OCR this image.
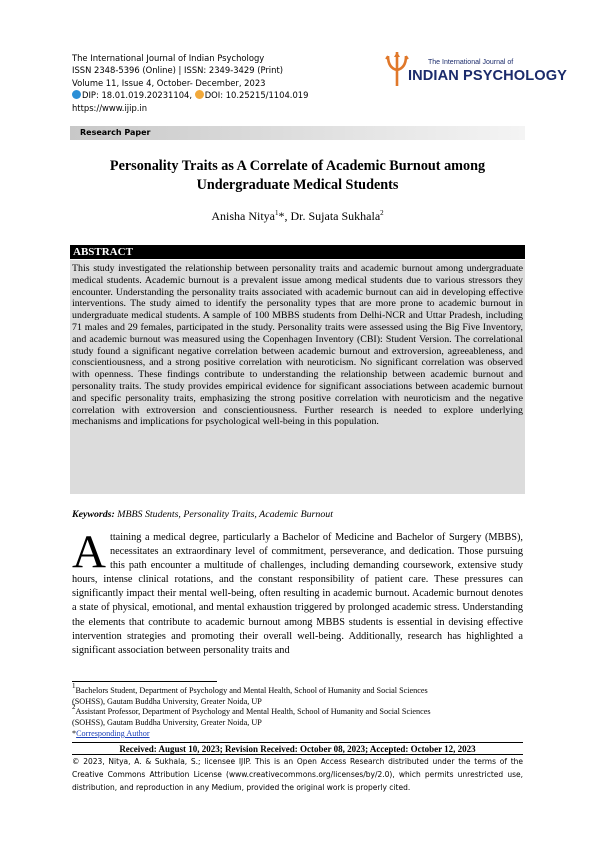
The International Journal of Indian Psychology
ISSN 2348-5396 (Online) | ISSN: 2349-3429 (Print)
Volume 11, Issue 4, October- December, 2023
DIP: 18.01.019.20231104, DOI: 10.25215/1104.019
https://www.ijip.in
The International Journal of
INDIAN PSYCHOLOGY
Research Paper
Personality Traits as A Correlate of Academic Burnout among
Undergraduate Medical Students
Anisha Nitya$^1$*, Dr. Sujata Sukhala$^2$
ABSTRACT

This study investigated the relationship between personality traits and academic burnout among undergraduate medical students. Academic burnout is a prevalent issue among medical students due to various stressors they encounter. Understanding the personality traits associated with academic burnout can aid in developing effective interventions. The study aimed to identify the personality types that are more prone to academic burnout in undergraduate medical students. A sample of 100 MBBS students from Delhi-NCR and Uttar Pradesh, including 71 males and 29 females, participated in the study. Personality traits were assessed using the Big Five Inventory, and academic burnout was measured using the Copenhagen Inventory (CBI): Student Version. The correlational study found a significant negative correlation between academic burnout and extroversion, agreeableness, and conscientiousness, and a strong positive correlation with neuroticism. No significant correlation was observed with openness. These findings contribute to understanding the relationship between academic burnout and personality traits. The study provides empirical evidence for significant associations between academic burnout and specific personality traits, emphasizing the strong positive correlation with neuroticism and the negative correlation with extroversion and conscientiousness. Further research is needed to explore underlying mechanisms and implications for psychological well-being in this population.

Keywords: MBBS Students, Personality Traits, Academic Burnout
A ttaining a medical degree, particularly a Bachelor of Medicine and Bachelor of Surgery (MBBS), necessitates an extraordinary level of commitment, perseverance, and dedication. Those pursuing this path encounter a multitude of challenges, including demanding coursework, extensive study hours, intense clinical rotations, and the constant responsibility of patient care. These pressures can significantly impact their mental well-being, often resulting in academic burnout. Academic burnout denotes a state of physical, emotional, and mental exhaustion triggered by prolonged academic stress. Understanding the elements that contribute to academic burnout among MBBS students is essential in devising effective intervention strategies and promoting their overall well-being. Additionally, research has highlighted a significant association between personality traits and

$^1$Bachelors Student, Department of Psychology and Mental Health, School of Humanity and Social Sciences
(SOHSS), Gautam Buddha University, Greater Noida, UP
$^2$Assistant Professor, Department of Psychology and Mental Health, School of Humanity and Social Sciences
(SOHSS), Gautam Buddha University, Greater Noida, UP
*Corresponding Author
Received: August 10, 2023; Revision Received: October 08, 2023; Accepted: October 12, 2023
© 2023, Nitya, A. & Sukhala, S.; licensee IJIP. This is an Open Access Research distributed under the terms of the Creative Commons Attribution License (www.creativecommons.org/licenses/by/2.0), which permits unrestricted use, distribution, and reproduction in any Medium, provided the original work is properly cited.
